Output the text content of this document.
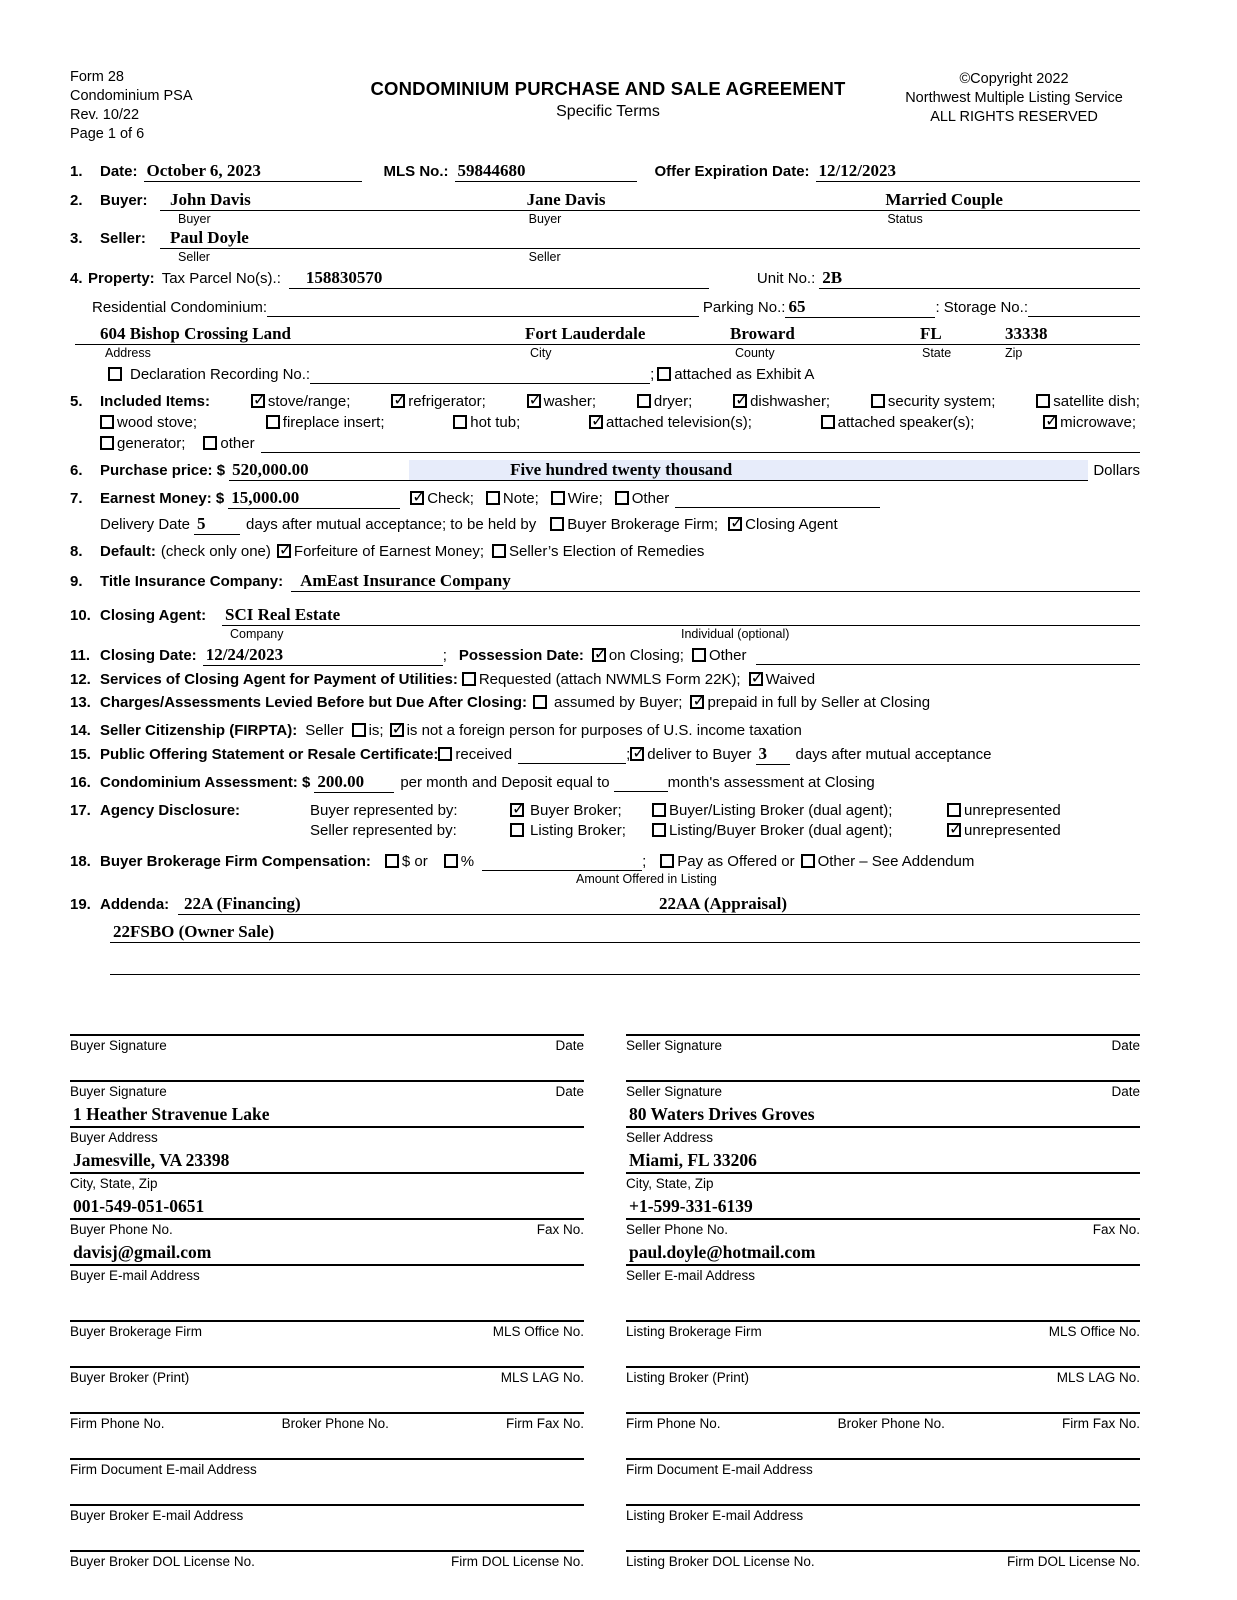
Form 28
Condominium PSA
Rev. 10/22
Page 1 of 6
CONDOMINIUM PURCHASE AND SALE AGREEMENT
Specific Terms
©Copyright 2022
Northwest Multiple Listing Service
ALL RIGHTS RESERVED
1.	Date: October 6, 2023	MLS No.: 59844680	Offer Expiration Date: 12/12/2023
2.	Buyer:	John Davis	Jane Davis	Married Couple
Buyer	Buyer	Status
3.	Seller:	Paul Doyle
Seller	Seller
4. Property: Tax Parcel No(s).:	158830570	Unit No.: 2B
Residential Condominium:	Parking No.: 65	: Storage No.:
604 Bishop Crossing Land	Fort Lauderdale	Broward	FL	33338
Address	City	County	State	Zip
Declaration Recording No.:	;	attached as Exhibit A
5.	Included Items: ✓	stove/range; ✓	refrigerator; ✓	washer;	dryer; ✓	dishwasher;	security system;	satellite dish;
wood stove;	fireplace insert;	hot tub; ✓	attached television(s);	attached speaker(s); ✓	microwave;
generator;	other
6.	Purchase price: $ 520,000.00	Five hundred twenty thousand	Dollars
7.	Earnest Money: $ 15,000.00 ✓	Check;	Note;	Wire;	Other
Delivery Date 5	days after mutual acceptance; to be held by	Buyer Brokerage Firm; ✓	Closing Agent
8.	Default: (check only one) ✓	Forfeiture of Earnest Money;	Seller’s Election of Remedies
9.	Title Insurance Company:	AmEast Insurance Company
10. Closing Agent:	SCI Real Estate
Company	Individual (optional)
11. Closing Date: 12/24/2023	; Possession Date: ✓	on Closing;	Other
12. Services of Closing Agent for Payment of Utilities:	Requested (attach NWMLS Form 22K); ✓	Waived
13. Charges/Assessments Levied Before but Due After Closing:	assumed by Buyer; ✓	prepaid in full by Seller at Closing
14. Seller Citizenship (FIRPTA): Seller	is; ✓	is not a foreign person for purposes of U.S. income taxation
15. Public Offering Statement or Resale Certificate:	received	; ✓	deliver to Buyer 3	days after mutual acceptance
16. Condominium Assessment: $ 200.00	per month and Deposit equal to	month's assessment at Closing
17. Agency Disclosure:	Buyer represented by: ✓	Buyer Broker;	Buyer/Listing Broker (dual agent);	unrepresented
Seller represented by:	Listing Broker;	Listing/Buyer Broker (dual agent); ✓	unrepresented
18. Buyer Brokerage Firm Compensation:	$ or	%	;	Pay as Offered or	Other – See Addendum
Amount Offered in Listing
19. Addenda: 22A (Financing)	22AA (Appraisal)
22FSBO (Owner Sale)
Buyer Signature	Date
Buyer Signature	Date
1 Heather Stravenue Lake
Buyer Address
Jamesville, VA 23398
City, State, Zip
001-549-051-0651
Buyer Phone No.	Fax No.
davisj@gmail.com
Buyer E-mail Address
Buyer Brokerage Firm	MLS Office No.
Buyer Broker (Print)	MLS LAG No.
Firm Phone No.	Broker Phone No.	Firm Fax No.
Firm Document E-mail Address
Buyer Broker E-mail Address
Buyer Broker DOL License No.	Firm DOL License No.
Seller Signature	Date
Seller Signature	Date
80 Waters Drives Groves
Seller Address
Miami, FL 33206
City, State, Zip
+1-599-331-6139
Seller Phone No.	Fax No.
paul.doyle@hotmail.com
Seller E-mail Address
Listing Brokerage Firm	MLS Office No.
Listing Broker (Print)	MLS LAG No.
Firm Phone No.	Broker Phone No.	Firm Fax No.
Firm Document E-mail Address
Listing Broker E-mail Address
Listing Broker DOL License No.	Firm DOL License No.
